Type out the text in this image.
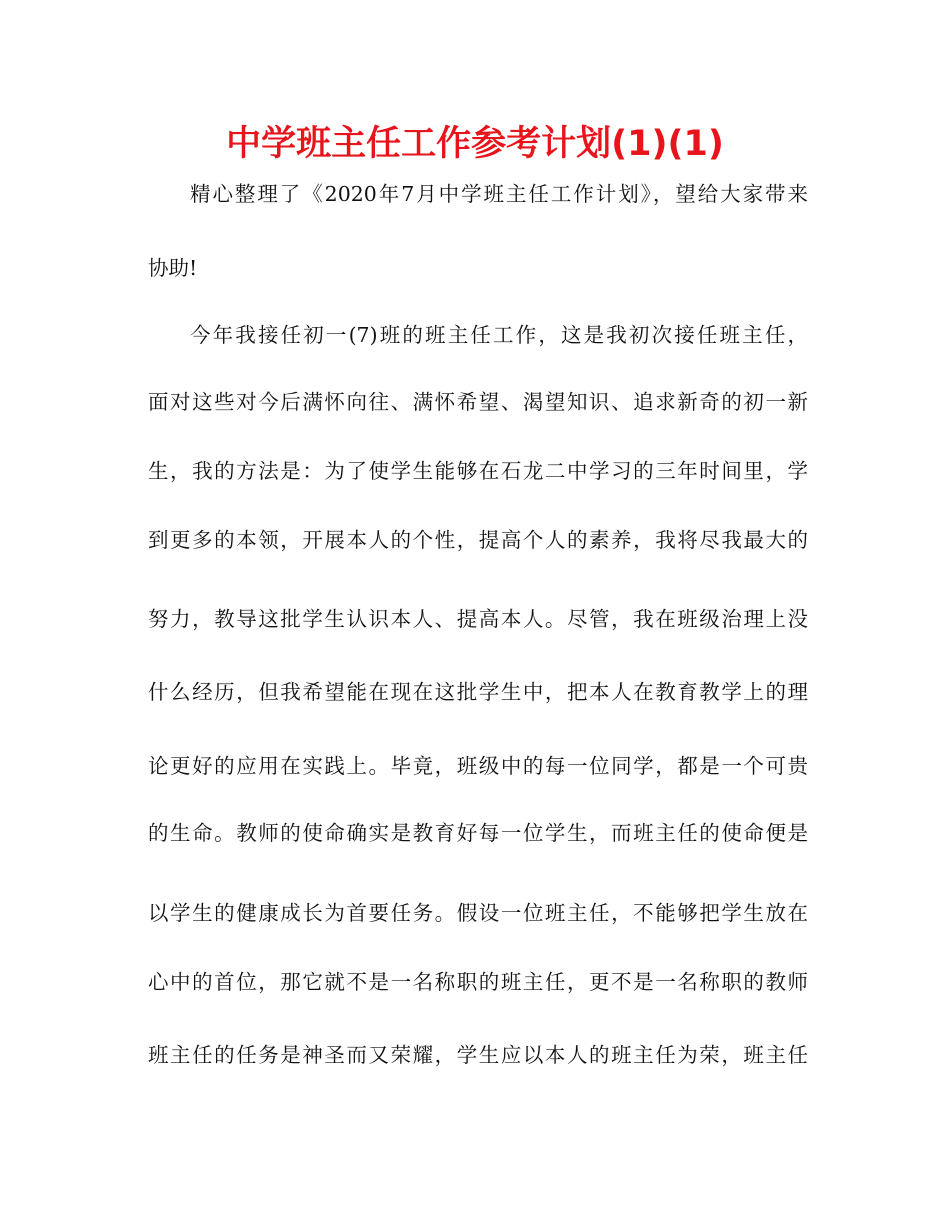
中学班主任工作参考计划(1)(1)

精心整理了《2020年7月中学班主任工作计划》，望给大家带来

协助!

今年我接任初一(7)班的班主任工作，这是我初次接任班主任，

面对这些对今后满怀向往、满怀希望、渴望知识、追求新奇的初一新

生，我的方法是：为了使学生能够在石龙二中学习的三年时间里，学

到更多的本领，开展本人的个性，提高个人的素养，我将尽我最大的

努力，教导这批学生认识本人、提高本人。尽管，我在班级治理上没

什么经历，但我希望能在现在这批学生中，把本人在教育教学上的理

论更好的应用在实践上。毕竟，班级中的每一位同学，都是一个可贵

的生命。教师的使命确实是教育好每一位学生，而班主任的使命便是

以学生的健康成长为首要任务。假设一位班主任，不能够把学生放在

心中的首位，那它就不是一名称职的班主任，更不是一名称职的教师

班主任的任务是神圣而又荣耀，学生应以本人的班主任为荣，班主任
